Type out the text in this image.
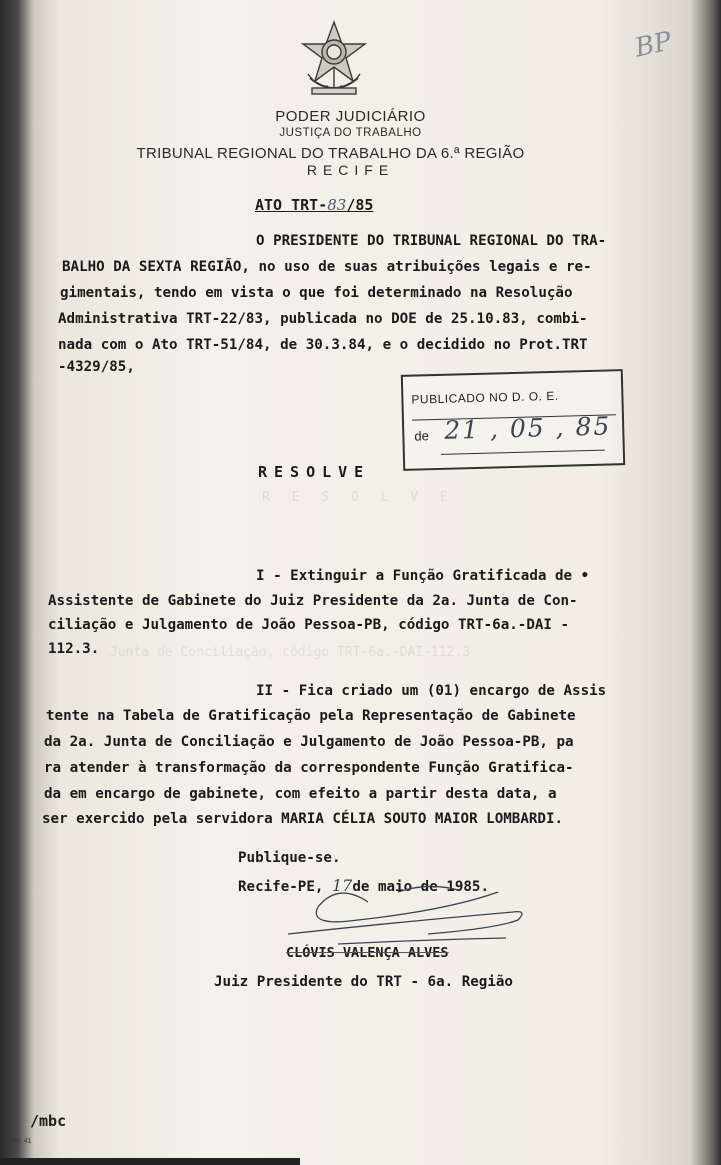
BP
PODER JUDICIÁRIO
JUSTIÇA DO TRABALHO
TRIBUNAL REGIONAL DO TRABALHO DA 6.ª REGIÃO
RECIFE
ATO TRT-83/85
O PRESIDENTE DO TRIBUNAL REGIONAL DO TRA-
BALHO DA SEXTA REGIÃO, no uso de suas atribuições legais e re-
gimentais, tendo em vista o que foi determinado na Resolução
Administrativa TRT-22/83, publicada no DOE de 25.10.83, combi-
nada com o Ato TRT-51/84, de 30.3.84, e o decidido no Prot.TRT
-4329/85,
PUBLICADO NO D. O. E.
de 21 , 05 , 85
RESOLVE
R E S O L V E
Junta de Conciliação, código TRT-6a.-DAI-112.3
I - Extinguir a Função Gratificada de •
Assistente de Gabinete do Juiz Presidente da 2a. Junta de Con-
ciliação e Julgamento de João Pessoa-PB, código TRT-6a.-DAI -
112.3.
II - Fica criado um (01) encargo de Assis
tente na Tabela de Gratificação pela Representação de Gabinete
da 2a. Junta de Conciliação e Julgamento de João Pessoa-PB, pa
ra atender à transformação da correspondente Função Gratifica-
da em encargo de gabinete, com efeito a partir desta data, a
ser exercido pela servidora MARIA CÉLIA SOUTO MAIOR LOMBARDI.
Publique-se.
Recife-PE, 17de maio de 1985.
CLÓVIS VALENÇA ALVES
Juiz Presidente do TRT - 6a. Região
/mbc
T Vol. 41
